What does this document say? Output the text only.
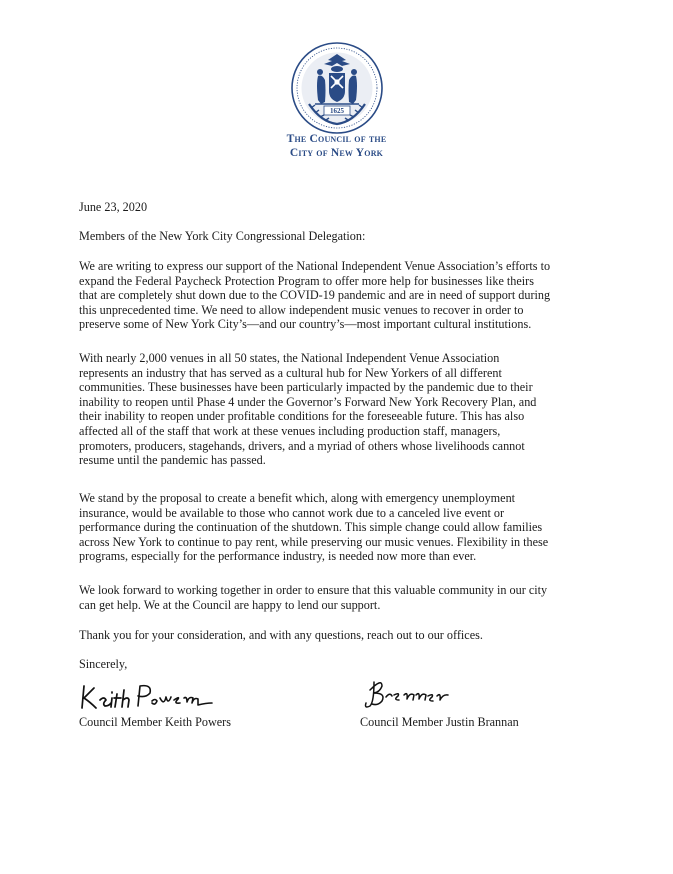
1625
The Council of the
City of New York
June 23, 2020
Members of the New York City Congressional Delegation:
We are writing to express our support of the National Independent Venue Association’s efforts to
expand the Federal Paycheck Protection Program to offer more help for businesses like theirs
that are completely shut down due to the COVID-19 pandemic and are in need of support during
this unprecedented time. We need to allow independent music venues to recover in order to
preserve some of New York City’s—and our country’s—most important cultural institutions.
With nearly 2,000 venues in all 50 states, the National Independent Venue Association
represents an industry that has served as a cultural hub for New Yorkers of all different
communities. These businesses have been particularly impacted by the pandemic due to their
inability to reopen until Phase 4 under the Governor’s Forward New York Recovery Plan, and
their inability to reopen under profitable conditions for the foreseeable future. This has also
affected all of the staff that work at these venues including production staff, managers,
promoters, producers, stagehands, drivers, and a myriad of others whose livelihoods cannot
resume until the pandemic has passed.
We stand by the proposal to create a benefit which, along with emergency unemployment
insurance, would be available to those who cannot work due to a canceled live event or
performance during the continuation of the shutdown. This simple change could allow families
across New York to continue to pay rent, while preserving our music venues. Flexibility in these
programs, especially for the performance industry, is needed now more than ever.
We look forward to working together in order to ensure that this valuable community in our city
can get help. We at the Council are happy to lend our support.
Thank you for your consideration, and with any questions, reach out to our offices.
Sincerely,
Council Member Keith Powers	Council Member Justin Brannan
